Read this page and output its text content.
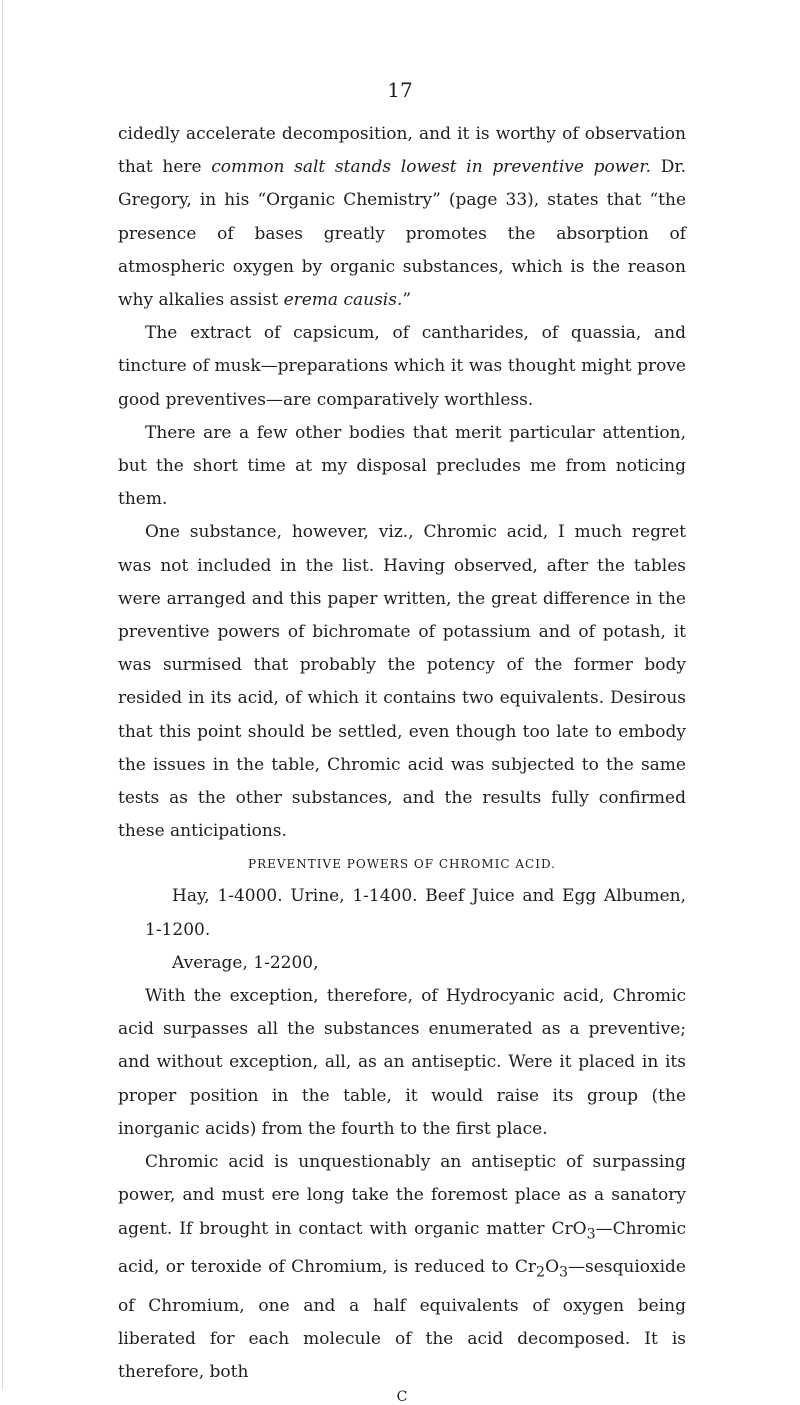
17

cidedly accelerate decomposition, and it is worthy of observation that here common salt stands lowest in preventive power. Dr. Gregory, in his “Organic Chemistry” (page 33), states that “the presence of bases greatly promotes the absorption of atmospheric oxygen by organic substances, which is the reason why alkalies assist erema causis.”

The extract of capsicum, of cantharides, of quassia, and tincture of musk—preparations which it was thought might prove good preventives—are comparatively worthless.

There are a few other bodies that merit particular attention, but the short time at my disposal precludes me from noticing them.

One substance, however, viz., Chromic acid, I much regret was not included in the list. Having observed, after the tables were arranged and this paper written, the great difference in the preventive powers of bichromate of potassium and of potash, it was surmised that probably the potency of the former body resided in its acid, of which it contains two equivalents. Desirous that this point should be settled, even though too late to embody the issues in the table, Chromic acid was subjected to the same tests as the other substances, and the results fully confirmed these anticipations.

PREVENTIVE POWERS OF CHROMIC ACID.

Hay, 1-4000. Urine, 1-1400. Beef Juice and Egg Albumen, 1-1200.

Average, 1-2200,

With the exception, therefore, of Hydrocyanic acid, Chromic acid surpasses all the substances enumerated as a preventive; and without exception, all, as an antiseptic. Were it placed in its proper position in the table, it would raise its group (the inorganic acids) from the fourth to the first place.

Chromic acid is unquestionably an antiseptic of surpassing power, and must ere long take the foremost place as a sanatory agent. If brought in contact with organic matter CrO$_3$—Chromic acid, or teroxide of Chromium, is reduced to $Cr_2O_3—sesquioxide$ of Chromium, one and a half equivalents of oxygen being liberated for each molecule of the acid decomposed. It is therefore, both

C
